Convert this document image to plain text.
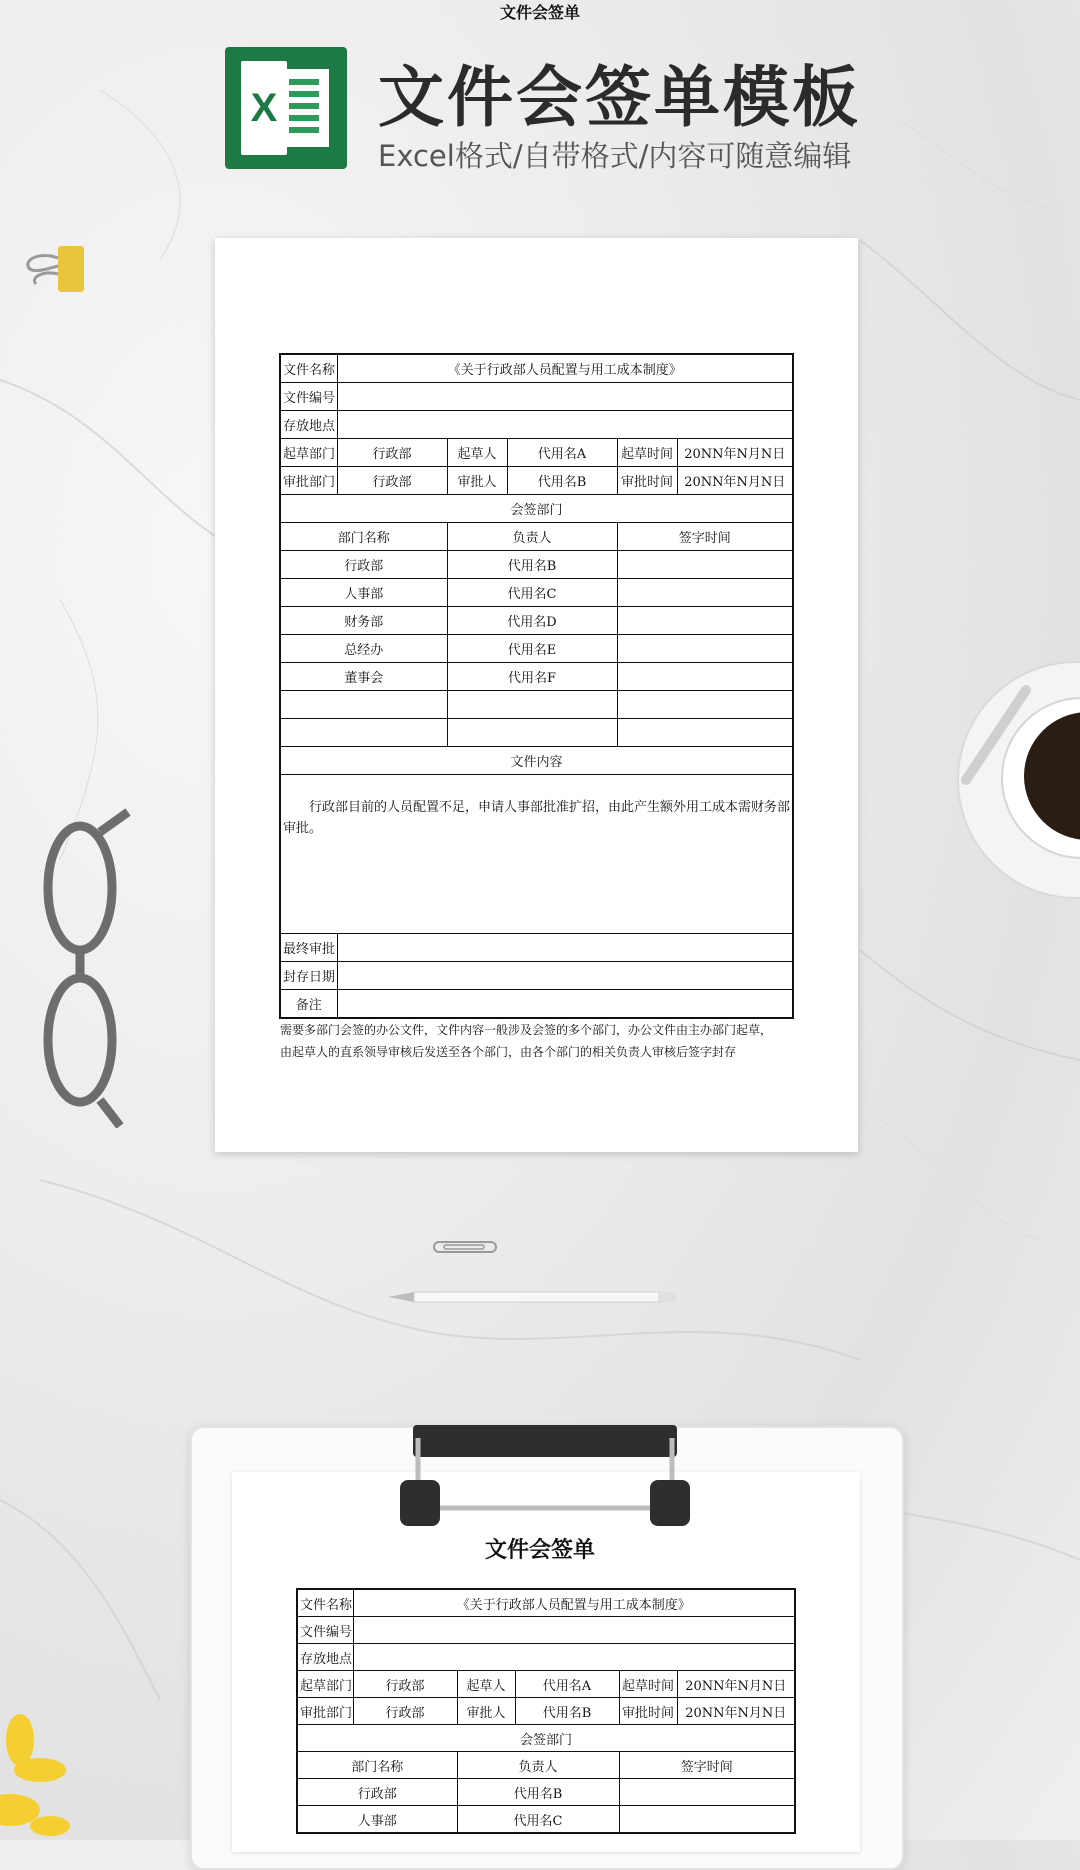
X 文件会签单模板
Excel格式/自带格式/内容可随意编辑
文件会签单
文件名称	《关于行政部人员配置与用工成本制度》				
文件编号					
存放地点					
起草部门	行政部	起草人	代用名A	起草时间	20NN年N月N日
审批部门	行政部	审批人	代用名B	审批时间	20NN年N月N日
会签部门					
部门名称		负责人		签字时间	
行政部		代用名B			
人事部		代用名C			
财务部		代用名D			
总经办		代用名E			
董事会		代用名F			

文件内容					

行政部目前的人员配置不足，申请人事部批准扩招，由此产生额外用工成本需财务部审批。					

最终审批					
封存日期					
备注					
需要多部门会签的办公文件，文件内容一般涉及会签的多个部门，办公文件由主办部门起草，
由起草人的直系领导审核后发送至各个部门，由各个部门的相关负责人审核后签字封存
文件会签单
文件名称	《关于行政部人员配置与用工成本制度》				
文件编号					
存放地点					
起草部门	行政部	起草人	代用名A	起草时间	20NN年N月N日
审批部门	行政部	审批人	代用名B	审批时间	20NN年N月N日
会签部门					
部门名称		负责人		签字时间	
行政部		代用名B			
人事部		代用名C			
